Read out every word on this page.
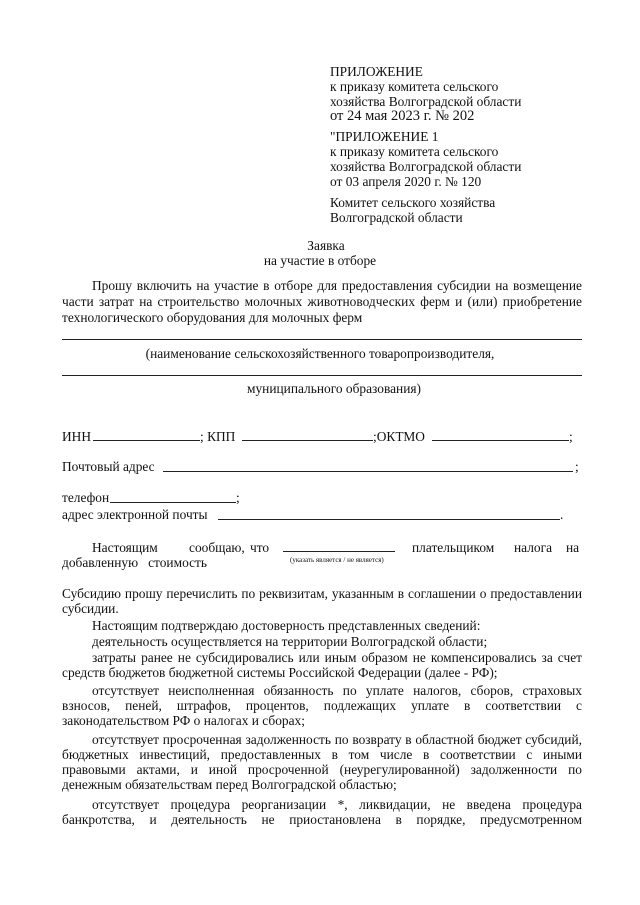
ПРИЛОЖЕНИЕ
к приказу комитета сельского
хозяйства Волгоградской области
от 24 мая 2023 г. № 202
"ПРИЛОЖЕНИЕ 1
к приказу комитета сельского
хозяйства Волгоградской области
от 03 апреля 2020 г. № 120
Комитет сельского хозяйства
Волгоградской области
Заявка
на участие в отборе
Прошу включить на участие в отборе для предоставления субсидии на возмещение части затрат на строительство молочных животноводческих ферм и (или) приобретение технологического оборудования для молочных ферм
(наименование сельскохозяйственного товаропроизводителя,
муниципального образования)
ИНН	; КПП	;ОКТМО	;
Почтовый адрес	;
телефон	;
адрес электронной почты	.
Настоящим сообщаю, что	плательщиком налога на
добавленную   стоимость	(указать является / не является)
Субсидию прошу перечислить по реквизитам, указанным в соглашении о предоставлении субсидии.
Настоящим подтверждаю достоверность представленных сведений:
деятельность осуществляется на территории Волгоградской области;
затраты ранее не субсидировались или иным образом не компенсировались за счет средств бюджетов бюджетной системы Российской Федерации (далее - РФ);
отсутствует неисполненная обязанность по уплате налогов, сборов, страховых взносов, пеней, штрафов, процентов, подлежащих уплате в соответствии с законодательством РФ о налогах и сборах;
отсутствует просроченная задолженность по возврату в областной бюджет субсидий, бюджетных инвестиций, предоставленных в том числе в соответствии с иными правовыми актами, и иной просроченной (неурегулированной) задолженности по денежным обязательствам перед Волгоградской областью;
отсутствует процедура реорганизации *, ликвидации, не введена процедура банкротства, и деятельность не приостановлена в порядке, предусмотренном
